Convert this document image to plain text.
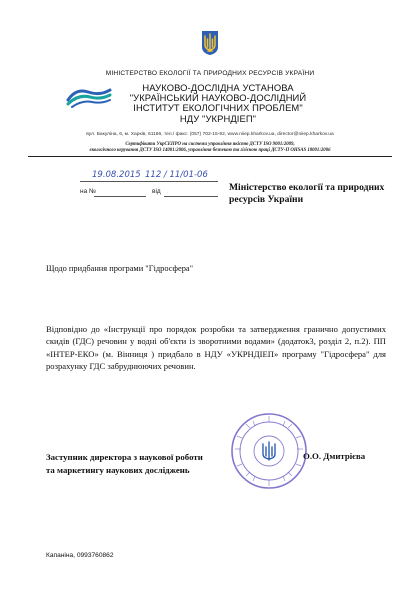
МІНІСТЕРСТВО ЕКОЛОГІЇ ТА ПРИРОДНИХ РЕСУРСІВ УКРАЇНИ
НАУКОВО-ДОСЛІДНА УСТАНОВА
"УКРАЇНСЬКИЙ НАУКОВО-ДОСЛІДНИЙ
ІНСТИТУТ ЕКОЛОГІЧНИХ ПРОБЛЕМ"
НДУ "УКРНДІЕП"
вул. Бакуліна, 6, м. Харків, 61166, тел./ факс: (057) 702-15-92, www.niiep.kharkov.ua, director@niiep.kharkov.ua
Сертифікати УкрСЕПРО на системи управління якістю ДСТУ ISO 9001:2009,
екологічного керування ДСТУ ISO 14001:2006, управління безпекою та гігієною праці ДСТУ-П OHSAS 18001:2006
19.08.2015 112 / 11/01-06
на №	від	Міністерство екології та природних
ресурсів України
Щодо придбання програми "Гідросфера"
Відповідно до «Інструкції про порядок розробки та затвердження гранично допустимих скидів (ГДС) речовин у водні об'єкти із зворотними водами» (додаток3, розділ 2, п.2). ПП «ІНТЕР-ЕКО» (м. Вінниця ) придбало в НДУ «УКРНДІЕП» програму "Гідросфера" для розрахунку ГДС забруднюючих речовин.
Заступник директора з наукової роботи
та маркетингу наукових досліджень
О.О. Дмитрієва
Капаніна, 0993760862
